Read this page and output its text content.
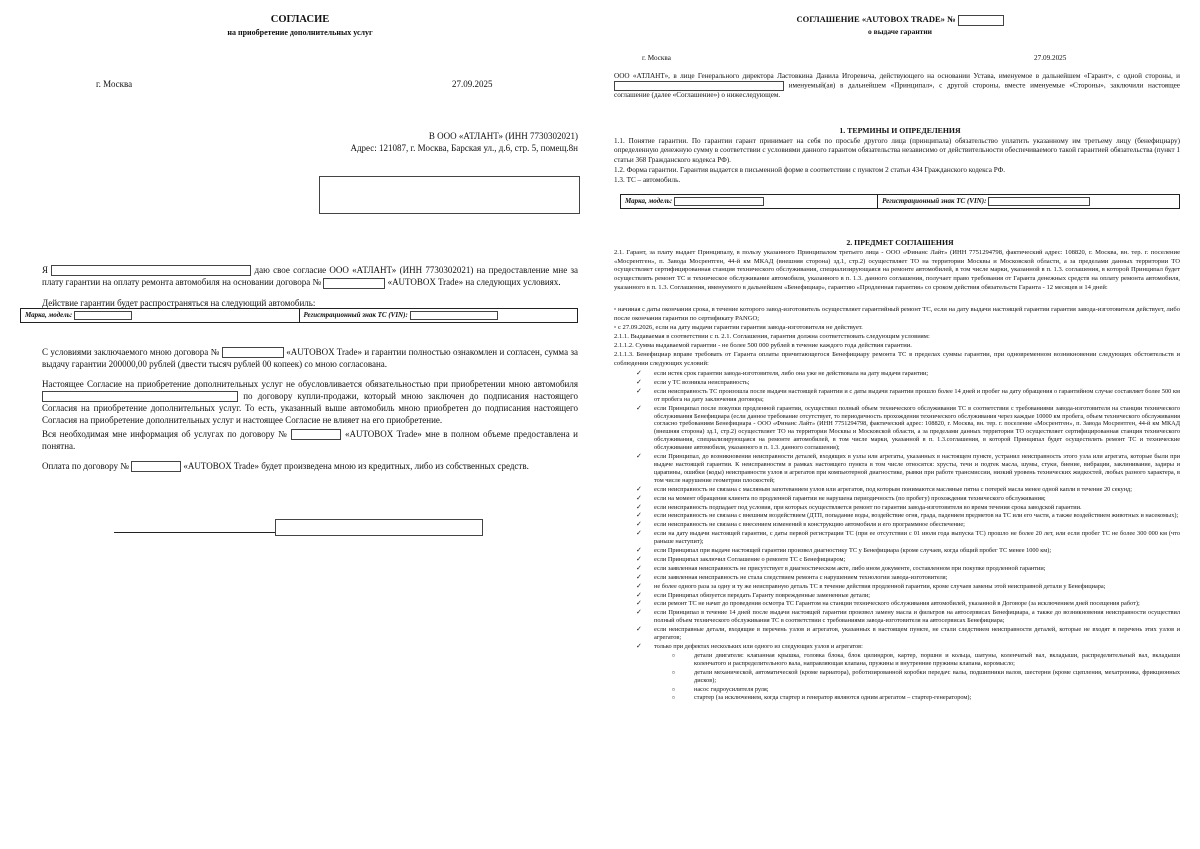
СОГЛАСИЕ
на приобретение дополнительных услуг
г. Москва	27.09.2025
В ООО «АТЛАНТ» (ИНН 7730302021)
Адрес: 121087, г. Москва, Барская ул., д.6, стр. 5, помещ.8н
Я	даю свое согласие ООО «АТЛАНТ» (ИНН 7730302021) на предоставление мне за плату гарантии на оплату ремонта автомобиля на основании договора №	«AUTOBOX Trade» на следующих условиях.
Действие гарантии будет распространяться на следующий автомобиль:
Марка, модель:	Регистрационный знак ТС (VIN):
С условиями заключаемого мною договора №	«AUTOBOX Trade» и гарантии полностью ознакомлен и согласен, сумма за выдачу гарантии 200000,00 рублей (двести тысяч рублей 00 копеек) со мною согласована.
Настоящее Согласие на приобретение дополнительных услуг не обусловливается обязательностью при приобретении мною автомобиля  по договору купли-продажи, который мною заключен до подписания настоящего Согласия на приобретение дополнительных услуг. То есть, указанный выше автомобиль мною приобретен до подписания настоящего Согласия на приобретение дополнительных услуг и настоящее Согласие не влияет на его приобретение.
Вся необходимая мне информация об услугах по договору №	«AUTOBOX Trade» мне в полном объеме предоставлена и понятна.
Оплата по договору №	«AUTOBOX Trade» будет произведена мною из кредитных, либо из собственных средств.
СОГЛАШЕНИЕ «AUTOBOX TRADE» №
о выдаче гарантии
г. Москва	27.09.2025
ООО «АТЛАНТ», в лице Генерального директора Ластовкина Данила Игоревича, действующего на основании Устава, именуемое в дальнейшем «Гарант», с одной стороны, и  именуемый(ая) в дальнейшем «Принципал», с другой стороны, вместе именуемые «Стороны», заключили настоящее соглашение (далее «Соглашение») о нижеследующем.
1. ТЕРМИНЫ И ОПРЕДЕЛЕНИЯ
1.1. Понятие гарантии. По гарантии гарант принимает на себя по просьбе другого лица (принципала) обязательство уплатить указанному им третьему лицу (бенефициару) определенную денежную сумму в соответствии с условиями данного гарантом обязательства независимо от действительности обеспечиваемого такой гарантией обязательства (пункт 1 статьи 368 Гражданского кодекса РФ).
1.2. Форма гарантии. Гарантия выдается в письменной форме в соответствии с пунктом 2 статьи 434 Гражданского кодекса РФ.
1.3. ТС – автомобиль.
Марка, модель:	Регистрационный знак ТС (VIN):
2. ПРЕДМЕТ СОГЛАШЕНИЯ
2.1. Гарант, за плату выдает Принципалу, в пользу указанного Принципалом третьего лица - ООО «Финанс Лайт» (ИНН 7751294798, фактический адрес: 108820, г. Москва, вн. тер. г. поселение «Мосрентген», п. Завода Мосрентген, 44-й км МКАД (внешняя сторона) зд.1, стр.2) осуществляет ТО на территории Москвы и Московской области, а за пределами данных территории ТО осуществляет сертифицированная станция технического обслуживания, специализирующаяся на ремонте автомобилей, в том числе марки, указанной в п. 1.3. соглашения, в которой Принципал будет осуществлять ремонт ТС и техническое обслуживание автомобиля, указанного в п. 1.3. данного соглашения, получает право требования от Гаранта денежных средств на оплату ремонта автомобиля, указанного в п. 1.3. Соглашения, именуемого в дальнейшем «Бенефициар», гарантию «Продленная гарантия» со сроком действия обязательств Гаранта - 12 месяцев и 14 дней:
▫ начиная с даты окончания срока, в течение которого завод-изготовитель осуществляет гарантийный ремонт ТС, если на дату выдачи настоящей гарантии гарантия завода-изготовителя действует, либо после окончания гарантии по сертификату PANGO;
▫ с 27.09.2026, если на дату выдачи гарантии гарантия завода-изготовителя не действует.
2.1.1. Выдаваемая в соответствии с п. 2.1. Соглашения, гарантия должна соответствовать следующим условиям:
2.1.1.2. Сумма выдаваемой гарантии - не более 500 000 рублей в течение каждого года действия гарантии.
2.1.1.3. Бенефициар вправе требовать от Гаранта оплаты причитающегося Бенефициару ремонта ТС в пределах суммы гарантии, при одновременном возникновении следующих обстоятельств и соблюдении следующих условий:
✓ если истек срок гарантии завода-изготовителя, либо она уже не действовала на дату выдачи гарантии;
✓ если у ТС возникла неисправность;
✓ если неисправность ТС произошла после выдачи настоящей гарантии и с даты выдачи гарантии прошло более 14 дней и пробег на дату обращения о гарантийном случае составляет более 500 км от пробега на дату заключения договора;
✓ если Принципал после покупки продленной гарантии, осуществил полный объем технического обслуживания ТС в соответствии с требованиями завода-изготовителя на станции технического обслуживания Бенефициара (если данное требование отсутствует, то периодичность прохождения технического обслуживания через каждые 10000 км пробега, объем технического обслуживания согласно требованиям Бенефициара - ООО «Финанс Лайт» (ИНН 7751294798, фактический адрес: 108820, г. Москва, вн. тер. г. поселение «Мосрентген», п. Завода Мосрентген, 44-й км МКАД (внешняя сторона) зд.1, стр.2) осуществляет ТО на территории Москвы и Московской области, а за пределами данных территории ТО осуществляет сертифицированная станция технического обслуживания, специализирующаяся на ремонте автомобилей, в том числе марки, указанной в п. 1.3.соглашения, в которой Принципал будет осуществлять ремонт ТС и технические обслуживание автомобиля, указанного в п. 1.3. данного соглашения);
✓ если Принципал, до возникновения неисправности деталей, входящих в узлы или агрегаты, указанных в настоящем пункте, устранил неисправность этого узла или агрегата, которые были при выдаче настоящей гарантии. К неисправностям в рамках настоящего пункта в том числе относятся: хрусты, течи и подтек масла, шумы, стуки, биение, вибрации, заклинивание, задиры и царапины, ошибки (коды) неисправности узлов и агрегатов при компьютерной диагностике, рывки при работе трансмиссии, низкий уровень технических жидкостей, любых разного характера, в том числе нарушение геометрии плоскостей;
✓ если неисправность не связана с масляным запотеванием узлов или агрегатов, под которым понимаются масляные пятна с потерей масла менее одной капли в течение 20 секунд;
✓ если на момент обращения клиента по продленной гарантии не нарушена периодичность (по пробегу) прохождения технического обслуживания;
✓ если неисправность подпадает под условия, при которых осуществляется ремонт по гарантии завода-изготовителя во время течения срока заводской гарантии.
✓ если неисправность не связана с внешним воздействием (ДТП, попадание воды, воздействие огня, града, падением предметов на ТС или его части, а также воздействием животных и насекомых);
✓ если неисправность не связана с внесением изменений в конструкцию автомобиля и его программное обеспечение;
✓ если на дату выдачи настоящей гарантии, с даты первой регистрации ТС (при ее отсутствии с 01 июля года выпуска ТС) прошло не более 20 лет, или если пробег ТС не более 300 000 км (что раньше наступит);
✓ если Принципал при выдаче настоящей гарантии произвел диагностику ТС у Бенефициара (кроме случаев, когда общий пробег ТС менее 1000 км);
✓ если Принципал заключил Соглашение о ремонте ТС с Бенефициаром;
✓ если заявленная неисправность не присутствует в диагностическом акте, либо ином документе, составленном при покупке продленной гарантии;
✓ если заявленная неисправность не стала следствием ремонта с нарушением технологии завода-изготовителя;
✓ не более одного раза за одну и ту же неисправную деталь ТС в течение действия продленной гарантии, кроме случаев замены этой неисправной детали у Бенефициара;
✓ если Принципал обязуется передать Гаранту поврежденные замененные детали;
✓ если ремонт ТС не начат до проведения осмотра ТС Гарантом на станции технического обслуживания автомобилей, указанной в Договоре (за исключением дней посещения работ);
✓ если Принципал в течение 14 дней после выдачи настоящей гарантии произвел замену масла и фильтров на автосервисах Бенефициара, а также до возникновения неисправности осуществил полный объем технического обслуживания ТС в соответствии с требованиями завода-изготовителя на автосервисах Бенефициара;
✓ если неисправные детали, входящие в перечень узлов и агрегатов, указанных в настоящем пункте, не стали следствием неисправности деталей, которые не входят в перечень этих узлов и агрегатов;
✓ только при дефектах нескольких или одного из следующих узлов и агрегатов:
▫ детали двигателя: клапанная крышка, головка блока, блок цилиндров, картер, поршни и кольца, шатуны, коленчатый вал, вкладыши, распределительный вал, вкладыши коленчатого и распределительного вала, направляющая клапана, пружины и внутренние пружины клапана, коромысло;
▫ детали механической, автоматической (кроме вариатора), роботизированной коробки передач: валы, подшипники валов, шестерни (кроме сцепления, мехатроника, фрикционных дисков);
▫ насос гидроусилителя руля;
▫ стартер (за исключением, когда стартер и генератор являются одним агрегатом – стартер-генератором);
